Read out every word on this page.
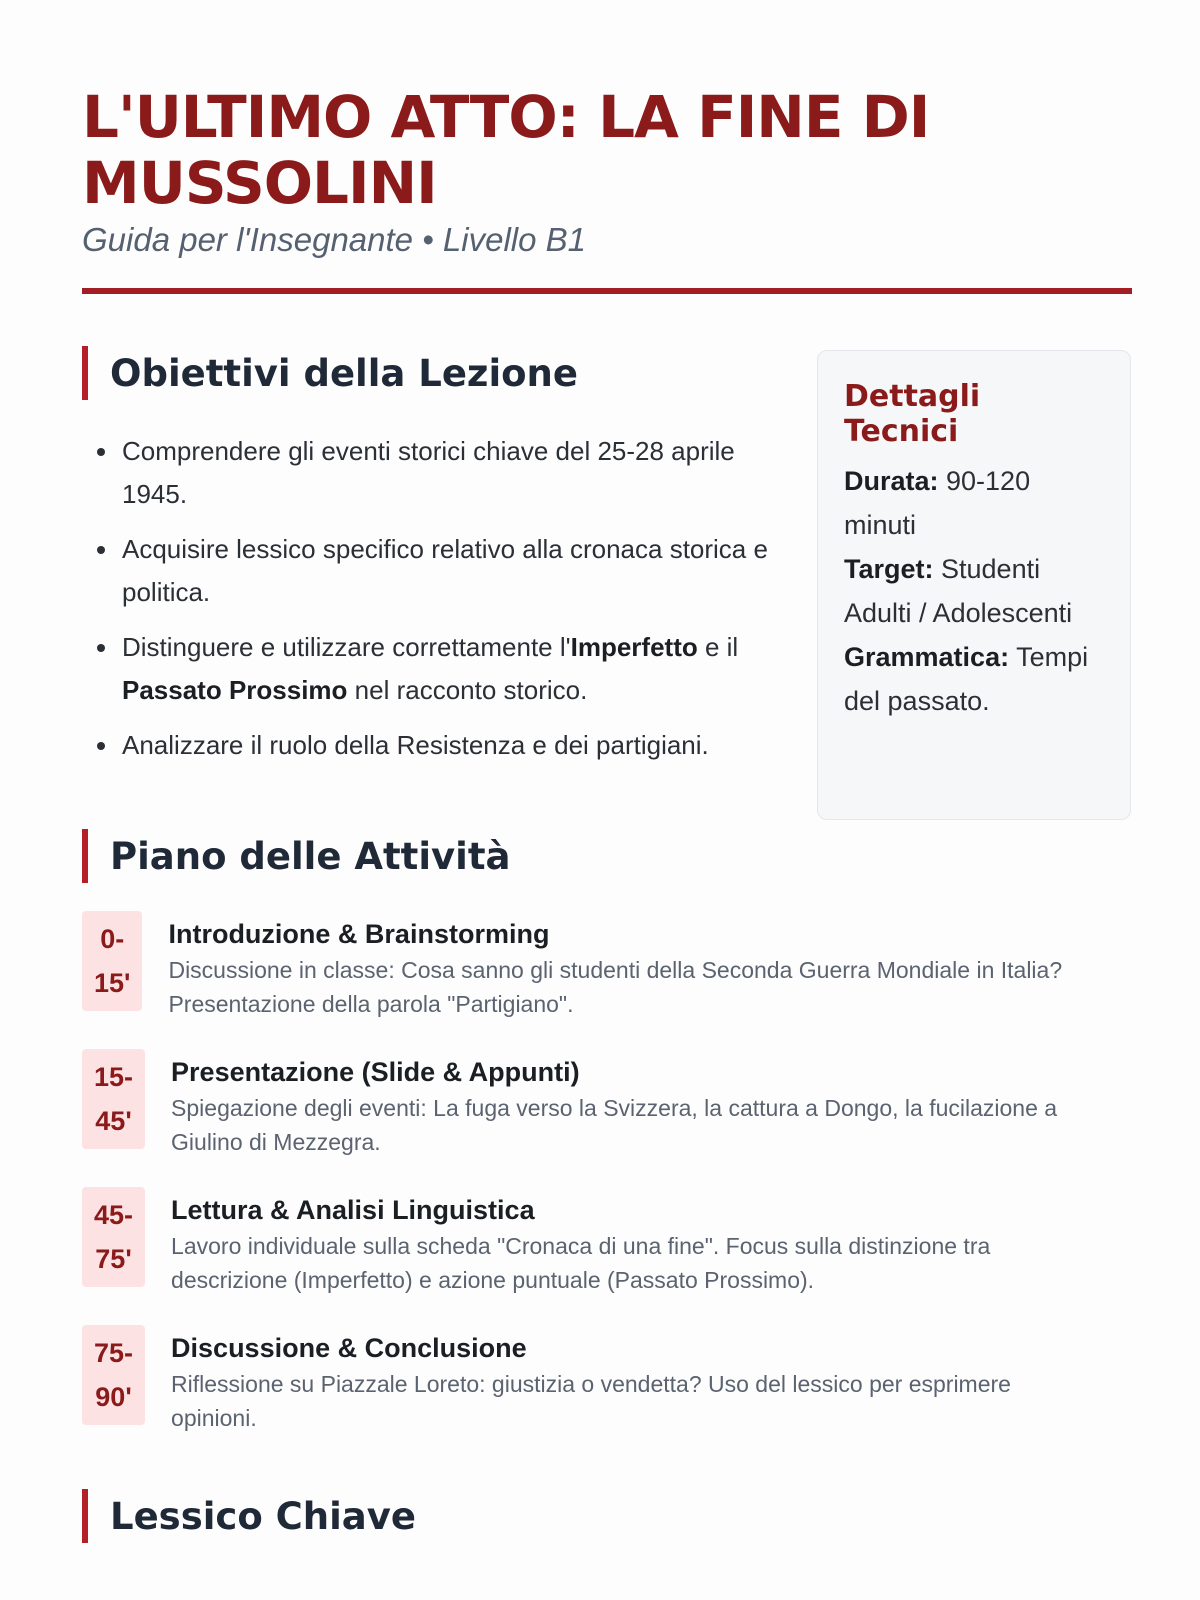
L'ULTIMO ATTO: LA FINE DI MUSSOLINI
Guida per l'Insegnante • Livello B1
Obiettivi della Lezione
• Comprendere gli eventi storici chiave del 25-28 aprile 1945.
• Acquisire lessico specifico relativo alla cronaca storica e politica.
• Distinguere e utilizzare correttamente l'Imperfetto e il Passato Prossimo nel racconto storico.
• Analizzare il ruolo della Resistenza e dei partigiani.
Dettagli Tecnici

Durata: 90-120 minuti
Target: Studenti Adulti / Adolescenti
Grammatica: Tempi del passato.

Piano delle Attività
0-
15'
Introduzione & Brainstorming
Discussione in classe: Cosa sanno gli studenti della Seconda Guerra Mondiale in Italia? Presentazione della parola "Partigiano".
15-
45'
Presentazione (Slide & Appunti)
Spiegazione degli eventi: La fuga verso la Svizzera, la cattura a Dongo, la fucilazione a Giulino di Mezzegra.
45-
75'
Lettura & Analisi Linguistica
Lavoro individuale sulla scheda "Cronaca di una fine". Focus sulla distinzione tra descrizione (Imperfetto) e azione puntuale (Passato Prossimo).
75-
90'
Discussione & Conclusione
Riflessione su Piazzale Loreto: giustizia o vendetta? Uso del lessico per esprimere opinioni.
Lessico Chiave
